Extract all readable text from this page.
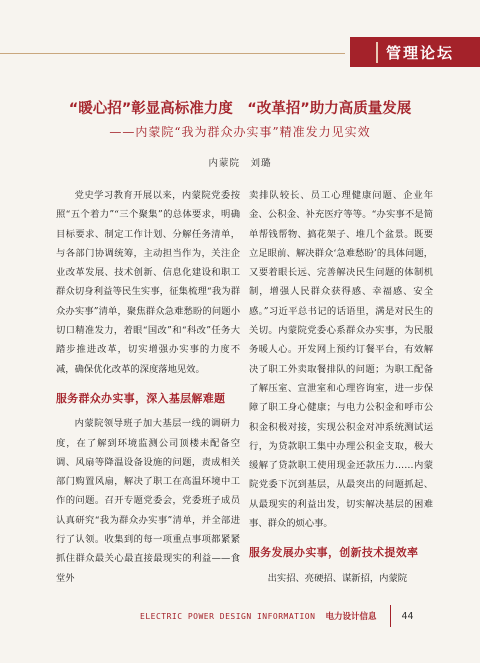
管理论坛
“暖心招”彰显高标准力度　“改革招”助力高质量发展
——内蒙院“我为群众办实事”精准发力见实效
内蒙院　刘璐

党史学习教育开展以来，内蒙院党委按照“五个着力”“三个聚集”的总体要求，明确目标要求、制定工作计划、分解任务清单，与各部门协调统筹，主动担当作为，关注企业改革发展、技术创新、信息化建设和职工群众切身利益等民生实事，征集梳理“我为群众办实事”清单，聚焦群众急难愁盼的问题小切口精准发力，着眼“国改”和“科改”任务大踏步推进改革，切实增强办实事的力度不减，确保优化改革的深度落地见效。

服务群众办实事，深入基层解难题

内蒙院领导班子加大基层一线的调研力度，在了解到环境监测公司顶楼未配备空调、风扇等降温设备设施的问题，责成相关部门购置风扇，解决了职工在高温环境中工作的问题。召开专题党委会，党委班子成员认真研究“我为群众办实事”清单，并全部进行了认领。收集到的每一项重点事项都紧紧抓住群众最关心最直接最现实的利益——食堂外

卖排队较长、员工心理健康问题、企业年金、公积金、补充医疗等等。“办实事不是简单帮钱帮物、搞花架子、堆几个盆景。既要立足眼前、解决群众‘急难愁盼’的具体问题，又要着眼长远、完善解决民生问题的体制机制，增强人民群众获得感、幸福感、安全感。”习近平总书记的话语里，满是对民生的关切。内蒙院党委心系群众办实事，为民服务暖人心。开发网上预约订餐平台，有效解决了职工外卖取餐排队的问题；为职工配备了解压室、宣泄室和心理咨询室，进一步保障了职工身心健康；与电力公积金和呼市公积金积极对接，实现公积金对冲系统测试运行，为贷款职工集中办理公积金支取，极大缓解了贷款职工使用现金还款压力……内蒙院党委下沉到基层，从最突出的问题抓起、从最现实的利益出发，切实解决基层的困难事、群众的烦心事。

服务发展办实事，创新技术提效率

出实招、亮硬招、谋新招，内蒙院

ELECTRIC POWER DESIGN INFORMATION 电力设计信息	44
